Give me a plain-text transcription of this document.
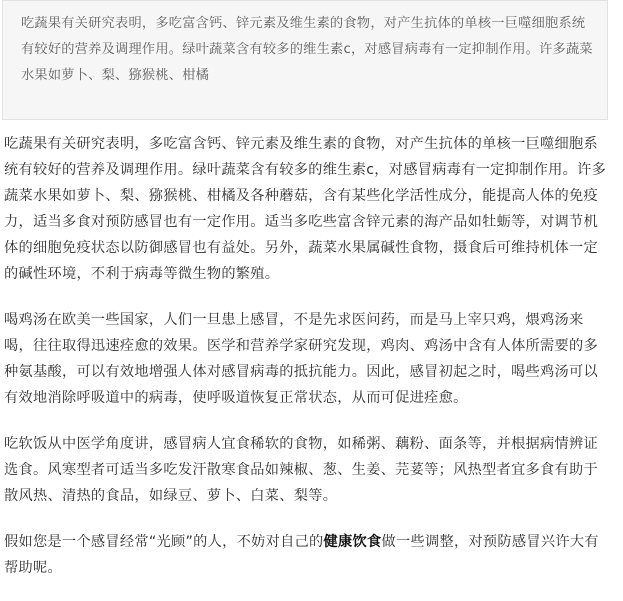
吃蔬果有关研究表明，多吃富含钙、锌元素及维生素的食物，对产生抗体的单核一巨噬细胞系统有较好的营养及调理作用。绿叶蔬菜含有较多的维生素c，对感冒病毒有一定抑制作用。许多蔬菜水果如萝卜、梨、猕猴桃、柑橘

吃蔬果有关研究表明，多吃富含钙、锌元素及维生素的食物，对产生抗体的单核一巨噬细胞系统有较好的营养及调理作用。绿叶蔬菜含有较多的维生素c，对感冒病毒有一定抑制作用。许多蔬菜水果如萝卜、梨、猕猴桃、柑橘及各种蘑菇，含有某些化学活性成分，能提高人体的免疫力，适当多食对预防感冒也有一定作用。适当多吃些富含锌元素的海产品如牡蛎等，对调节机体的细胞免疫状态以防御感冒也有益处。另外，蔬菜水果属碱性食物，摄食后可维持机体一定的碱性环境，不利于病毒等微生物的繁殖。

喝鸡汤在欧美一些国家，人们一旦患上感冒，不是先求医问药，而是马上宰只鸡，煨鸡汤来喝，往往取得迅速痊愈的效果。医学和营养学家研究发现，鸡肉、鸡汤中含有人体所需要的多种氨基酸，可以有效地增强人体对感冒病毒的抵抗能力。因此，感冒初起之时，喝些鸡汤可以有效地消除呼吸道中的病毒，使呼吸道恢复正常状态，从而可促进痊愈。

吃软饭从中医学角度讲，感冒病人宜食稀软的食物，如稀粥、藕粉、面条等，并根据病情辨证选食。风寒型者可适当多吃发汗散寒食品如辣椒、葱、生姜、芫荽等；风热型者宜多食有助于散风热、清热的食品，如绿豆、萝卜、白菜、梨等。

假如您是一个感冒经常“光顾”的人，不妨对自己的健康饮食做一些调整，对预防感冒兴许大有帮助呢。
